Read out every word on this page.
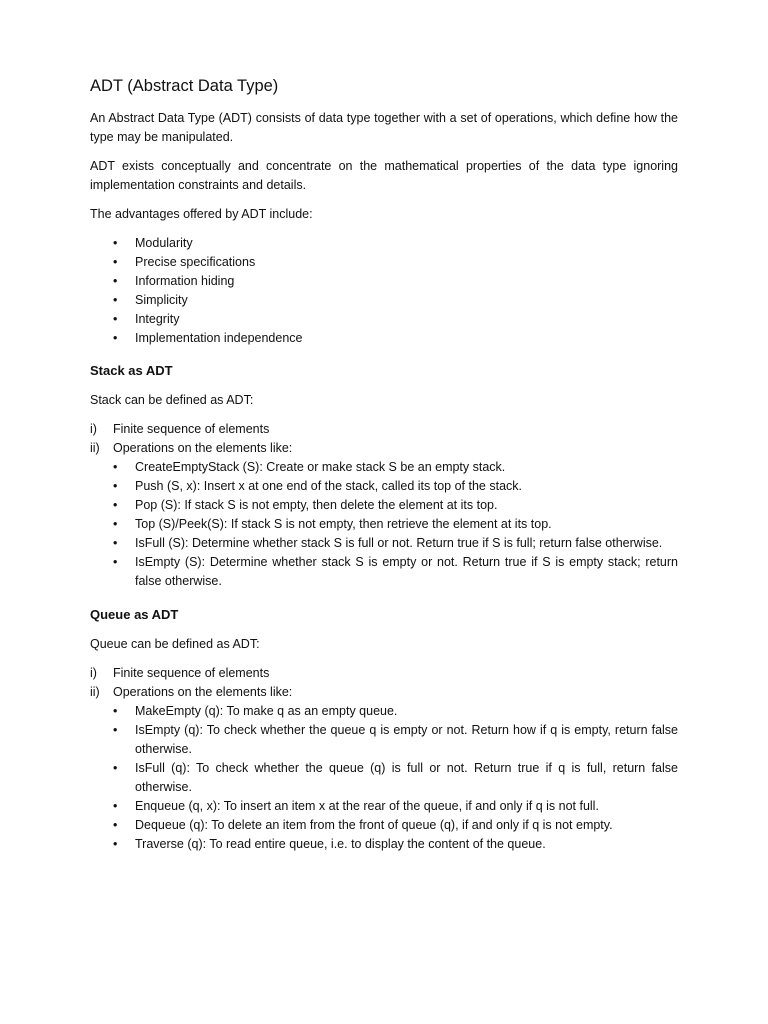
ADT (Abstract Data Type)

An Abstract Data Type (ADT) consists of data type together with a set of operations, which define how the type may be manipulated.

ADT exists conceptually and concentrate on the mathematical properties of the data type ignoring implementation constraints and details.

The advantages offered by ADT include:

• Modularity
• Precise specifications
• Information hiding
• Simplicity
• Integrity
• Implementation independence
Stack as ADT

Stack can be defined as ADT:

i) Finite sequence of elements
ii) Operations on the elements like:
• CreateEmptyStack (S): Create or make stack S be an empty stack.
• Push (S, x): Insert x at one end of the stack, called its top of the stack.
• Pop (S): If stack S is not empty, then delete the element at its top.
• Top (S)/Peek(S): If stack S is not empty, then retrieve the element at its top.
• IsFull (S): Determine whether stack S is full or not. Return true if S is full; return false otherwise.
• IsEmpty (S): Determine whether stack S is empty or not. Return true if S is empty stack; return false otherwise.
Queue as ADT

Queue can be defined as ADT:

i) Finite sequence of elements
ii) Operations on the elements like:
• MakeEmpty (q): To make q as an empty queue.
• IsEmpty (q): To check whether the queue q is empty or not. Return how if q is empty, return false otherwise.
• IsFull (q): To check whether the queue (q) is full or not. Return true if q is full, return false otherwise.
• Enqueue (q, x): To insert an item x at the rear of the queue, if and only if q is not full.
• Dequeue (q): To delete an item from the front of queue (q), if and only if q is not empty.
• Traverse (q): To read entire queue, i.e. to display the content of the queue.
